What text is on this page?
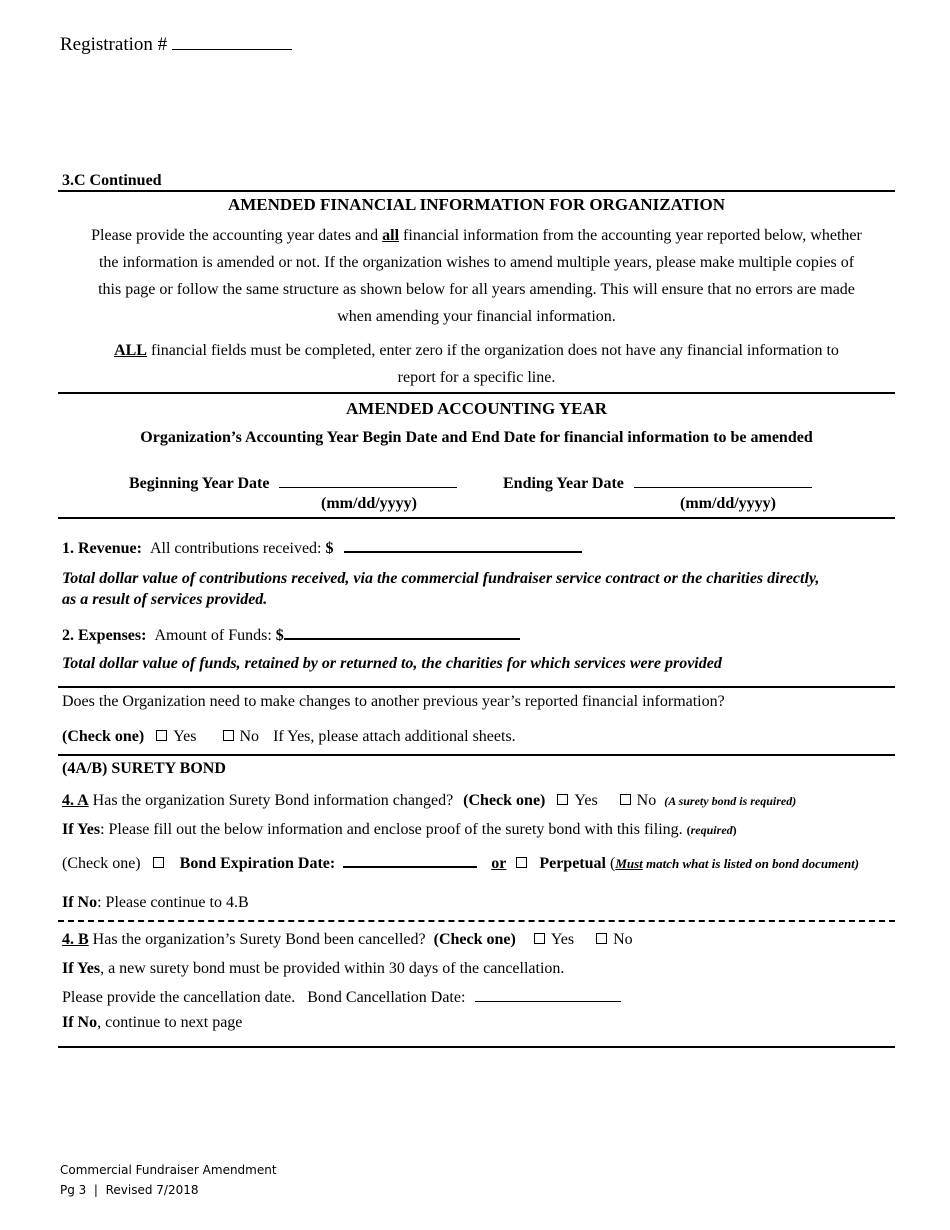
Registration #
3.C Continued
AMENDED FINANCIAL INFORMATION FOR ORGANIZATION

Please provide the accounting year dates and all financial information from the accounting year reported below, whether

the information is amended or not. If the organization wishes to amend multiple years, please make multiple copies of

this page or follow the same structure as shown below for all years amending. This will ensure that no errors are made

when amending your financial information.

ALL financial fields must be completed, enter zero if the organization does not have any financial information to

report for a specific line.

AMENDED ACCOUNTING YEAR
Organization’s Accounting Year Begin Date and End Date for financial information to be amended
Beginning Year Date	Ending Year Date
(mm/dd/yyyy)	(mm/dd/yyyy)
1. Revenue: All contributions received: $

Total dollar value of contributions received, via the commercial fundraiser service contract or the charities directly,

as a result of services provided.

2. Expenses: Amount of Funds: $
Total dollar value of funds, retained by or returned to, the charities for which services were provided
Does the Organization need to make changes to another previous year’s reported financial information?
(Check one) Yes	No If Yes, please attach additional sheets.
(4A/B) SURETY BOND
4. A Has the organization Surety Bond information changed? (Check one) Yes No (A surety bond is required)
If Yes: Please fill out the below information and enclose proof of the surety bond with this filing. (required)
(Check one) Bond Expiration Date:	or Perpetual (Must match what is listed on bond document)
If No: Please continue to 4.B
4. B Has the organization’s Surety Bond been cancelled? (Check one) Yes No
If Yes, a new surety bond must be provided within 30 days of the cancellation.
Please provide the cancellation date. Bond Cancellation Date:
If No, continue to next page

Commercial Fundraiser Amendment

Pg 3  |  Revised 7/2018
